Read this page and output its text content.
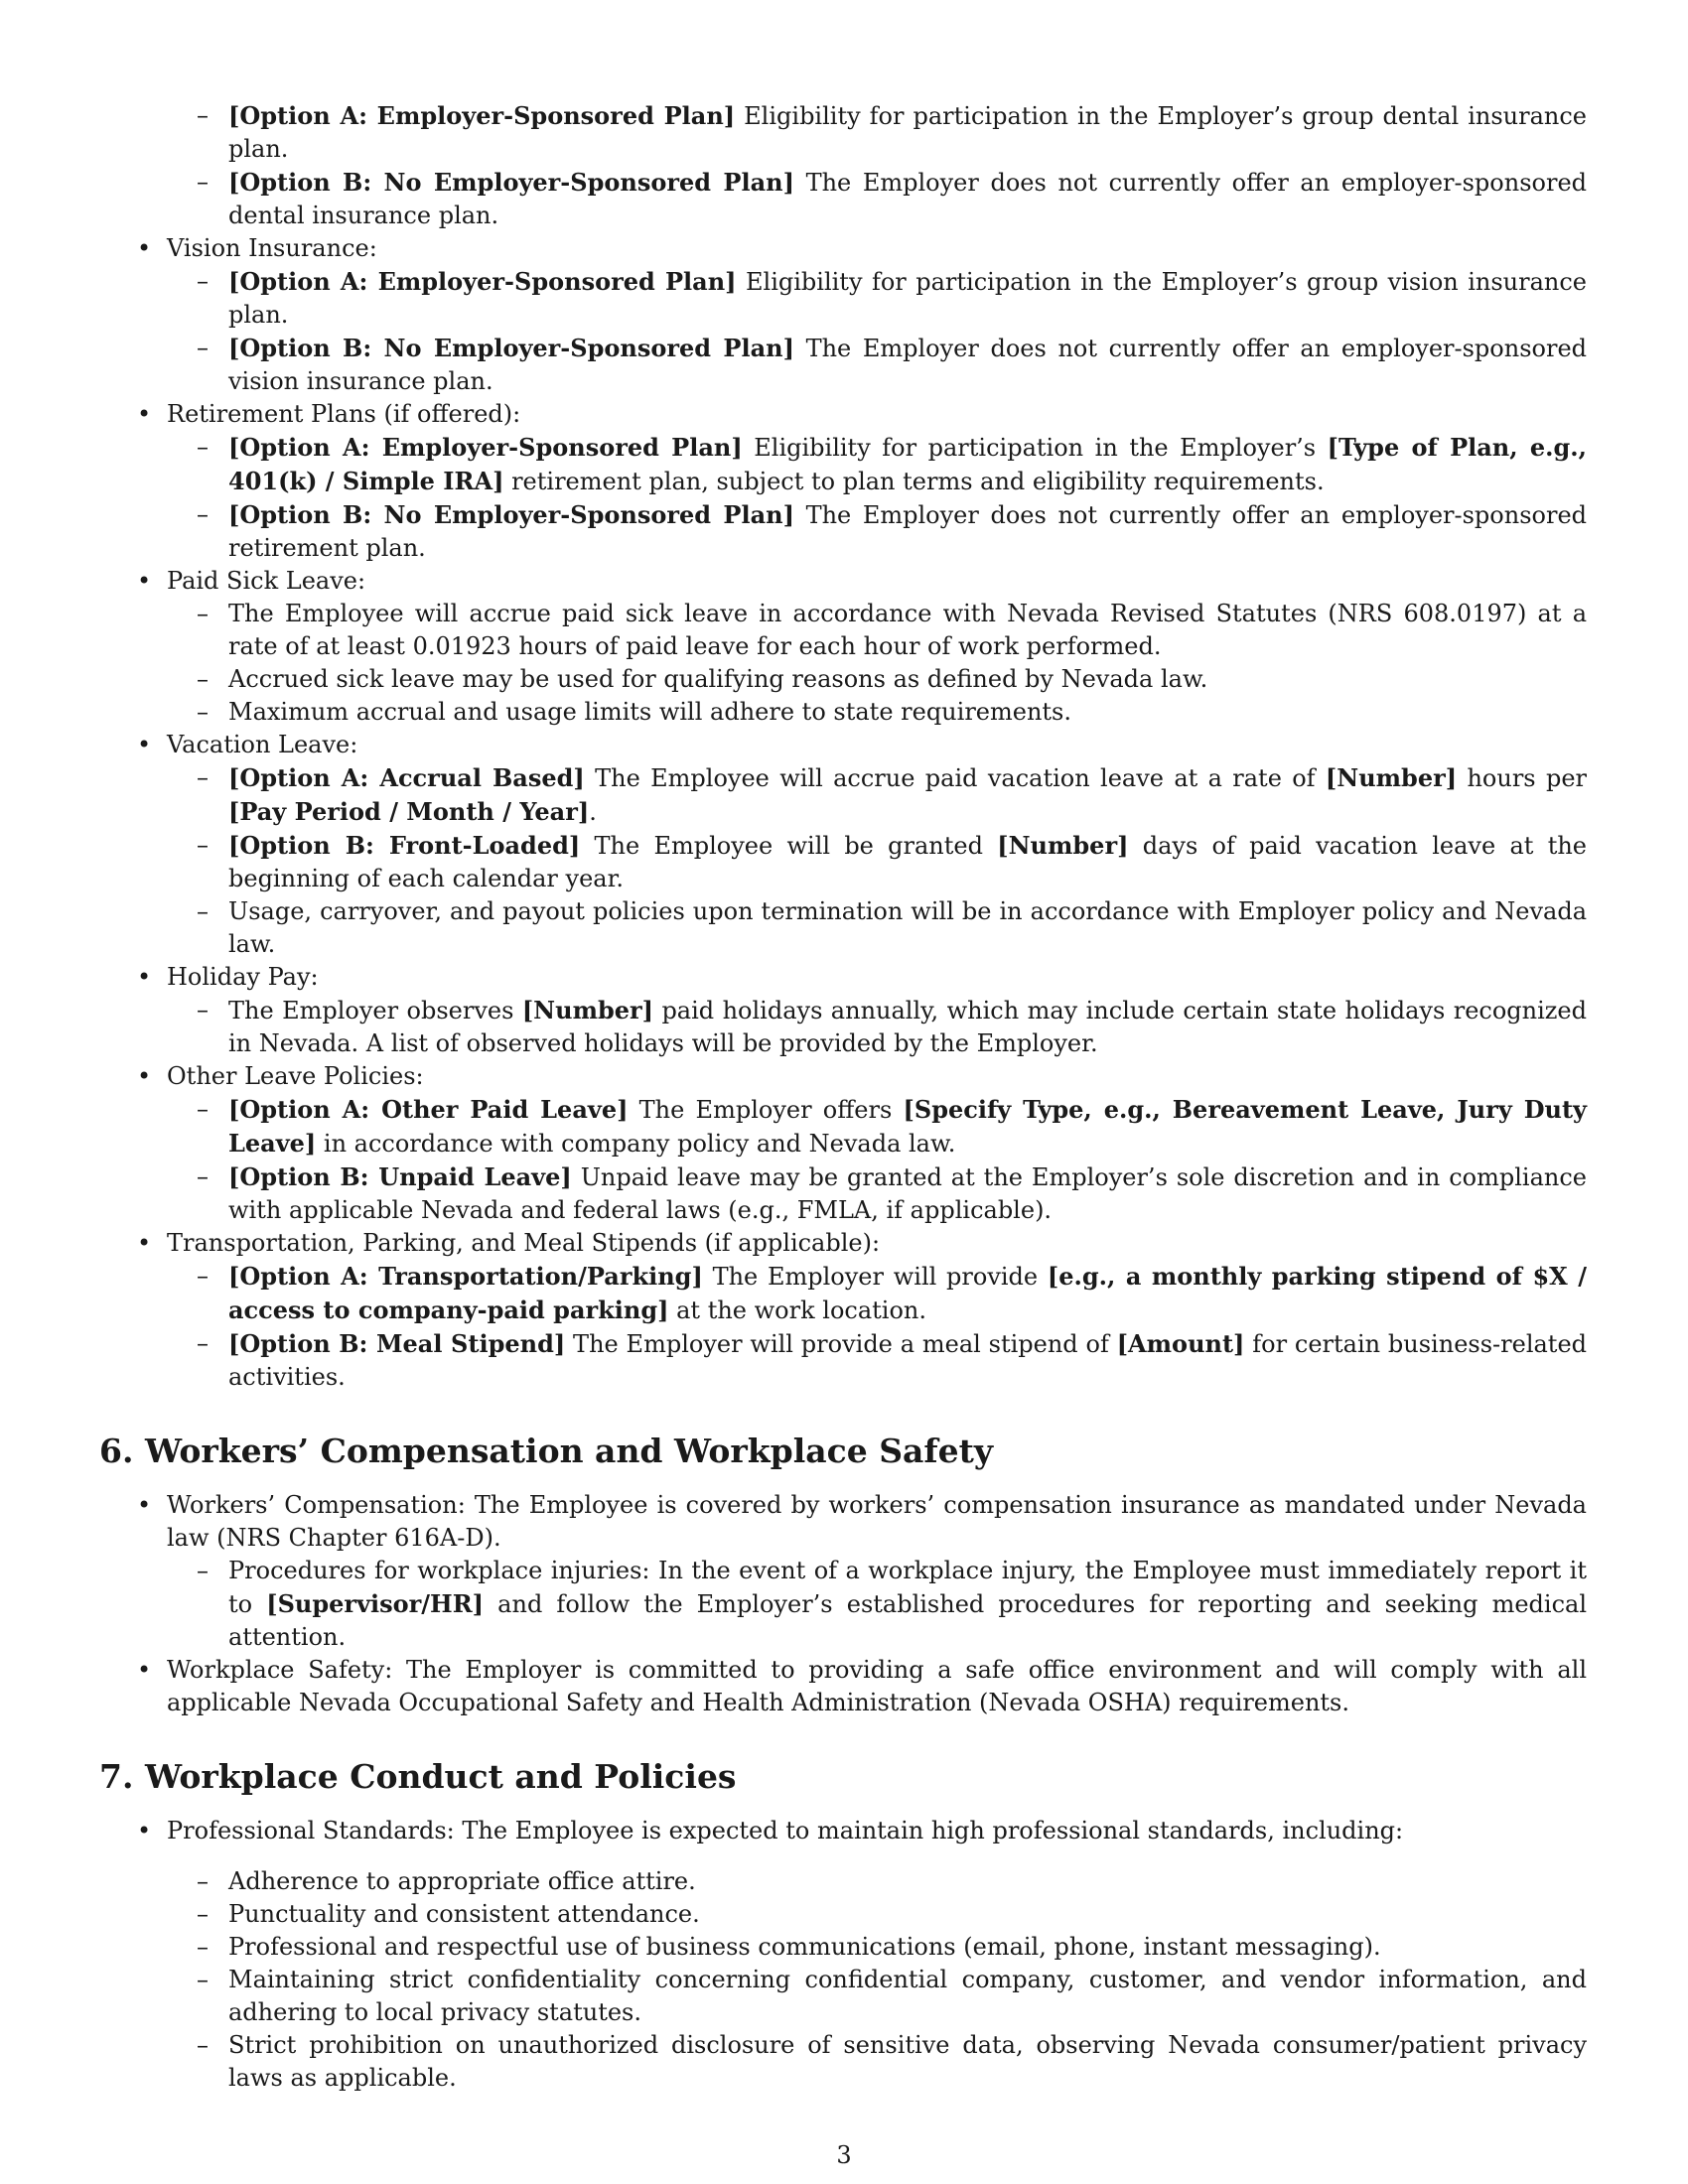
– [Option A: Employer-Sponsored Plan] Eligibility for participation in the Employer’s group dental insurance plan.
– [Option B: No Employer-Sponsored Plan] The Employer does not currently offer an employer-sponsored dental insurance plan.
• Vision Insurance:
– [Option A: Employer-Sponsored Plan] Eligibility for participation in the Employer’s group vision insurance plan.
– [Option B: No Employer-Sponsored Plan] The Employer does not currently offer an employer-sponsored vision insurance plan.
• Retirement Plans (if offered):
– [Option A: Employer-Sponsored Plan] Eligibility for participation in the Employer’s [Type of Plan, e.g., 401(k) / Simple IRA] retirement plan, subject to plan terms and eligibility requirements.
– [Option B: No Employer-Sponsored Plan] The Employer does not currently offer an employer-sponsored retirement plan.
• Paid Sick Leave:
– The Employee will accrue paid sick leave in accordance with Nevada Revised Statutes (NRS 608.0197) at a rate of at least 0.01923 hours of paid leave for each hour of work performed.
– Accrued sick leave may be used for qualifying reasons as defined by Nevada law.
– Maximum accrual and usage limits will adhere to state requirements.
• Vacation Leave:
– [Option A: Accrual Based] The Employee will accrue paid vacation leave at a rate of [Number] hours per [Pay Period / Month / Year].
– [Option B: Front-Loaded] The Employee will be granted [Number] days of paid vacation leave at the beginning of each calendar year.
– Usage, carryover, and payout policies upon termination will be in accordance with Employer policy and Nevada law.
• Holiday Pay:
– The Employer observes [Number] paid holidays annually, which may include certain state holidays recognized in Nevada. A list of observed holidays will be provided by the Employer.
• Other Leave Policies:
– [Option A: Other Paid Leave] The Employer offers [Specify Type, e.g., Bereavement Leave, Jury Duty Leave] in accordance with company policy and Nevada law.
– [Option B: Unpaid Leave] Unpaid leave may be granted at the Employer’s sole discretion and in compliance with applicable Nevada and federal laws (e.g., FMLA, if applicable).
• Transportation, Parking, and Meal Stipends (if applicable):
– [Option A: Transportation/Parking] The Employer will provide [e.g., a monthly parking stipend of $X / access to company-paid parking] at the work location.
– [Option B: Meal Stipend] The Employer will provide a meal stipend of [Amount] for certain business-related activities.
6. Workers’ Compensation and Workplace Safety
• Workers’ Compensation: The Employee is covered by workers’ compensation insurance as mandated under Nevada law (NRS Chapter 616A-D).
– Procedures for workplace injuries: In the event of a workplace injury, the Employee must immediately report it to [Supervisor/HR] and follow the Employer’s established procedures for reporting and seeking medical attention.
• Workplace Safety: The Employer is committed to providing a safe office environment and will comply with all applicable Nevada Occupational Safety and Health Administration (Nevada OSHA) requirements.
7. Workplace Conduct and Policies
• Professional Standards: The Employee is expected to maintain high professional standards, including:
– Adherence to appropriate office attire.
– Punctuality and consistent attendance.
– Professional and respectful use of business communications (email, phone, instant messaging).
– Maintaining strict confidentiality concerning confidential company, customer, and vendor information, and adhering to local privacy statutes.
– Strict prohibition on unauthorized disclosure of sensitive data, observing Nevada consumer/patient privacy laws as applicable.
3
